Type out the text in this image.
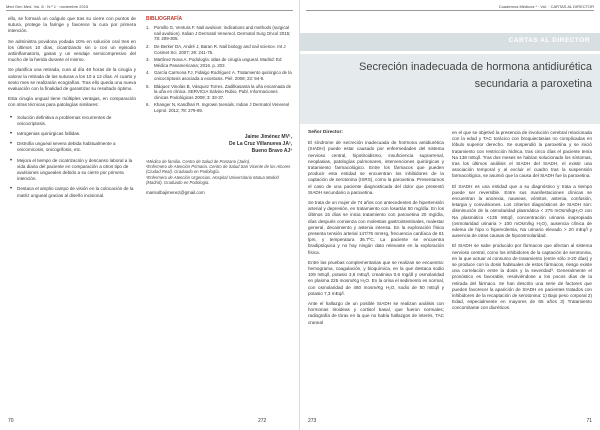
Med Gen Med. Vol. 8 · N.º 1 · noviembre 2015

ello, se formará un coágulo que tras su cierre con puntos de sutura, protege la faringe y favorece la cura por primera intención.

Se administra povidona yodada 10% en solución oral tres en los últimos 10 días, cicatrizando sin o con un episodio antiinflamatorio, gasas y un vendaje semicompresivo del mucho de la herida durante el mismo.

Se planifica una retirada, cura al día 48 horas de la cirugía y valorar la retirada de las suturas a los 10 a 12 días. Al cuarto y sexto mes se realizarán ecografías. Tras ello queda una nueva evaluación con la finalidad de garantizar su resultado óptimo.

Esta cirugía ungual tiene múltiples ventajas, en comparación con otras técnicas para patologías similares:

• Solución definitiva a problemas recurrentes de onicocriptosis.
• Iatrogenias quirúrgicas fallidas.
• Distrofia ungueal severa debida habitualmente a onicomicosis, onicogrifosis, etc.
• Mejora el tiempo de cicatrización y descanso laboral a la vida diaria del paciente en comparación a otros tipo de avulsiones ungueales debido a su cierre por primera intención.
• Destaca el amplio campo de visión en la colocación de la matriz ungueal gracias al diseño incisional.
BIBLIOGRAFÍA
1. Pomillo G, Ventura F. Nail avulsion: indications and methods (surgical nail avulsion). Italian J Dermatol Venereol. Dermatol Surg Oncol 2015; 78: 209-305.
2. De Berker DA, André J, Baran R. Nail biology and nail science. Int J Cosmet Sci. 2007; 29: 241-75.
3. Martínez Nova A. Podología: atlas de cirugía ungueal. Madrid: Ed Médica Panamericana; 2016. p. 202.
4. García Carmona FJ, Fidalgo Rodríguez A. Tratamiento quirúrgico de la onicocriptosis asociada a exostosis. Piel. 2008; 23: 94-8.
5. Bláquez Vinolas B, Vásquez Torres. Zadilkasanta la uña encarnada de la uña en clinica. SERVICIA Salvino Rubio. Publ. Informaciones clinicas Podológicas 2009; 3: 33-37.
6. Khanger N, Kandhari R. Ingrown toenails. Indian J Dermatol Venereol Leprol. 2012; 78: 279-89.
Jaime Jiménez MV¹,
De La Cruz Villanueva JA²,
Bueno Bravo AJ³
¹Médico de familia. Centro de Salud de Ponzano (Jaén).
²Enfermero de Atención Primaria. Centro de Salud San Vicente de los Alcores (Ciudad Real). Graduado en Podología.
³Enfermero de Atención Urgencias. Hospital Universitario Mutua Madrid (Madrid). Graduado en Podología.
marisolbajimenez@gmail.com
70	272
Cuadernos Médicos ¹ · Vol. · CARTAS AL DIRECTOR
CARTAS AL DIRECTOR
Secreción inadecuada de hormona antidiurética
secundaria a paroxetina
Señor Director:

El síndrome de secreción inadecuada de hormona antidiurética (SIADH) puede estar causado por enfermedades del sistema nervioso central, hipotiroidismo, insuficiencia suprarrenal, neoplasias, patologías pulmonares, intervenciones quirúrgicas y tratamiento farmacológico. Entre los fármacos que pueden producir esta entidad se encuentran los inhibidores de la captación de serotonina (ISRS), como la paroxetina. Presentamos el caso de una paciente diagnosticada del dolor que presentó SIADH secundario a paroxetina.

Se trata de un mujer de 74 años con antecedentes de hipertensión arterial y depresión, en tratamiento con losartán 50 mg/día. En los últimos 15 días se inicia tratamiento con paroxetina 20 mg/día, días después comienza con molestias gastrointestinales, malestar general, decaimiento y astenia intensa. En la exploración física presenta tensión arterial 147/76 mmHg, frecuencia cardíaca de 81 lpm, y temperatura 36.7ºC. La paciente se encuentra bradipsíquica y no hay ningún dato relevante en la exploración física.

Entre las pruebas complementarias que se realizan se encuentra: hemograma, coagulación, y bioquímica, en la que destaca sodio 109 mEq/l, potasio 3,6 mEq/l, creatinina 0,6 mg/dl y osmolaridad en plasma 225 mosm/Kg H₂O. En la orina el sedimento es normal, con osmolaridad de 460 mosm/Kg H₂O, sodio de 50 mEq/l y potasio 7,3 mEq/l.

Ante el hallazgo de un posible SIADH se realizan análisis con hormonas tiroideas y cortisol basal, que fueron normales; radiografía de tórax en la que no había hallazgos de interés, TAC craneal

en el que se objetivó la presencia de involución cerebral relacionada con la edad y TAC torácico con broquiectasias no complicadas en lóbulo superior derecho. Se suspendió la paroxetina y se inició tratamiento con restricción hídrica, tras cinco días el paciente tenía Na 138 mEq/l. Tras dos meses se habían solucionado los síntomas, tras los últimos análisis el SIADH del SIADH, el existir una asociación temporal y al excluir el cuadro tras la suspensión farmacológica, se asumió que la causa del SIADH fue la paroxetina.

El SIADH es una entidad que a su diagnóstico y trata a tiempo puede ser reversible. Entre sus manifestaciones clínicas se encuentran la anorexia, nauseas, vómitos, astenia, confusión, letargia y convulsiones. Los criterios diagnósticos de SIADH son: disminución de la osmolaridad plasmática < 275 mOsm/kgH₂O con Na plasmático <135 mEq/l, concentración urinaria inapropiada (osmolaridad urinaria > 100 mOsm/kg H₂O), ausencia clínica de edema de hipo o hipervolemia, Na urinario elevado > 20 mEq/l y ausencia de otras causas de hipoosmolaridad.

El SIADH se sabe producido por fármacos que afectan al sistema nervioso central, como los inhibidores de la captación de serotonina, en la que actuar al consumo de tratamiento (entre sólo 3-20 días) y se produce con la dosis habituales de estos fármacos, riesgo existe una correlación entre la dosis y la severidad³. Generalmente el pronóstico es favorable, resolviéndose a los pocos días de la retirada del fármaco. Se han descrito una serie de factores que pueden favorecer la aparición de SIADH en pacientes tratados con inhibidores de la recaptación de serotonina: 1) Bajo peso corporal 2) Edad, especialmente en mayores de 65 años 3) Tratamiento concomitante con diuréticos.

273	71
